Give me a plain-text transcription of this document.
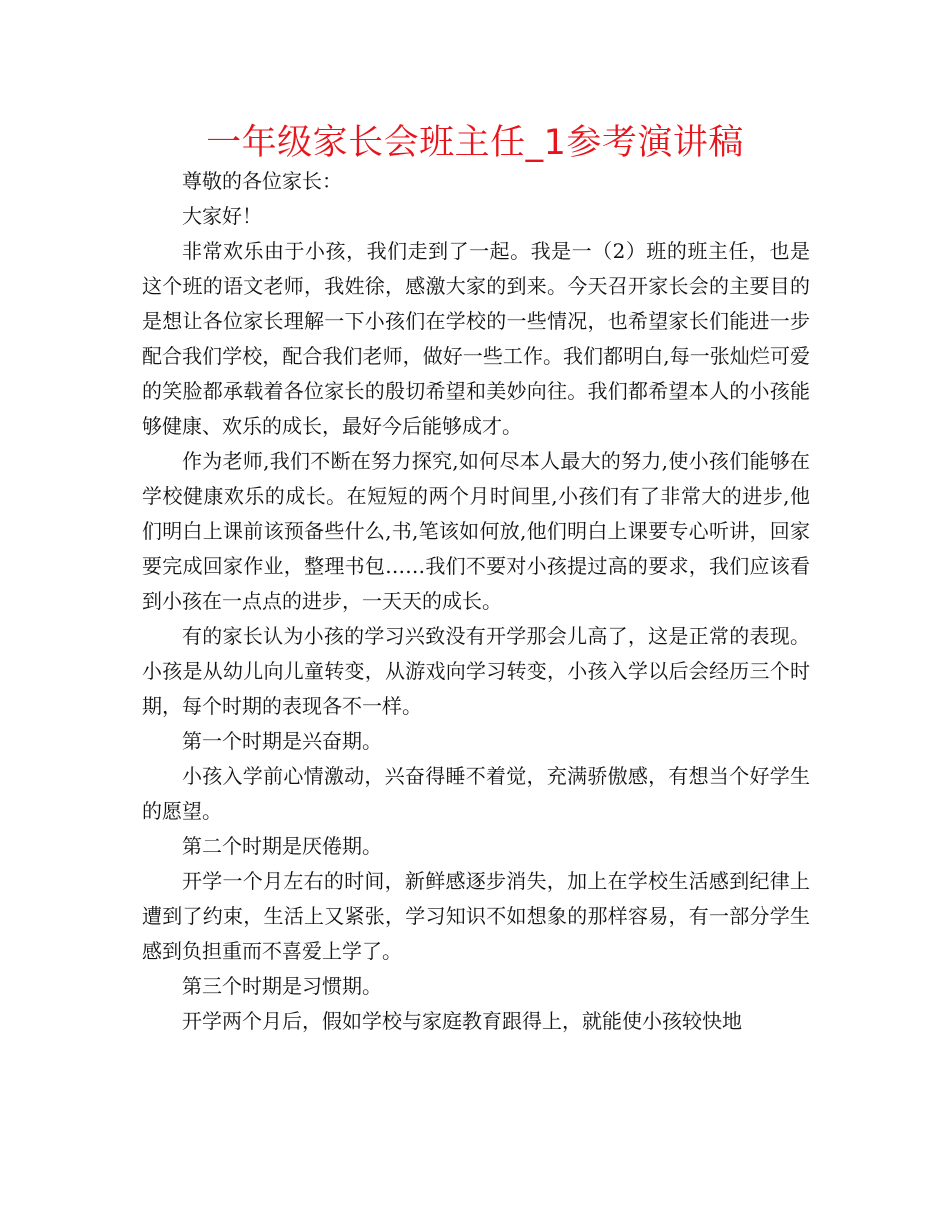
一年级家长会班主任_1参考演讲稿

尊敬的各位家长：

大家好！

非常欢乐由于小孩，我们走到了一起。我是一（2）班的班主任，也是这个班的语文老师，我姓徐，感激大家的到来。今天召开家长会的主要目的是想让各位家长理解一下小孩们在学校的一些情况，也希望家长们能进一步配合我们学校，配合我们老师，做好一些工作。我们都明白,每一张灿烂可爱的笑脸都承载着各位家长的殷切希望和美妙向往。我们都希望本人的小孩能够健康、欢乐的成长，最好今后能够成才。

作为老师,我们不断在努力探究,如何尽本人最大的努力,使小孩们能够在学校健康欢乐的成长。在短短的两个月时间里,小孩们有了非常大的进步,他们明白上课前该预备些什么,书,笔该如何放,他们明白上课要专心听讲，回家要完成回家作业，整理书包……我们不要对小孩提过高的要求，我们应该看到小孩在一点点的进步，一天天的成长。

有的家长认为小孩的学习兴致没有开学那会儿高了，这是正常的表现。小孩是从幼儿向儿童转变，从游戏向学习转变，小孩入学以后会经历三个时期，每个时期的表现各不一样。

第一个时期是兴奋期。

小孩入学前心情激动，兴奋得睡不着觉，充满骄傲感，有想当个好学生的愿望。

第二个时期是厌倦期。

开学一个月左右的时间，新鲜感逐步消失，加上在学校生活感到纪律上遭到了约束，生活上又紧张，学习知识不如想象的那样容易，有一部分学生感到负担重而不喜爱上学了。

第三个时期是习惯期。

开学两个月后，假如学校与家庭教育跟得上，就能使小孩较快地
